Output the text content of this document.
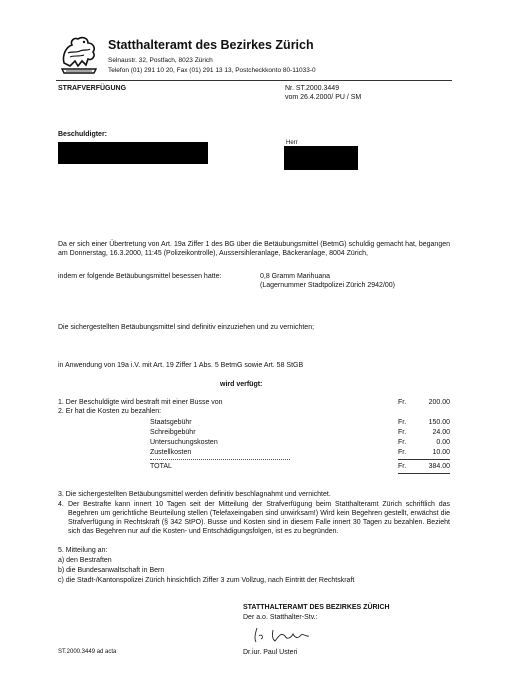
Statthalteramt des Bezirkes Zürich
Selnaustr. 32, Postfach, 8023 Zürich
Telefon (01) 291 10 20, Fax (01) 291 13 13, Postcheckkonto 80-11033-0
STRAFVERFÜGUNG	Nr. ST.2000.3449
vom 26.4.2000/ PU / SM
Beschuldigter:
Herr
Da er sich einer Übertretung von Art. 19a Ziffer 1 des BG über die Betäubungsmittel (BetmG) schuldig gemacht hat, begangen am Donnerstag, 16.3.2000, 11:45 (Polizeikontrolle), Aussersihleranlage, Bäckeranlage, 8004 Zürich,
indem er folgende Betäubungsmittel besessen hatte:	0,8 Gramm Marihuana
(Lagernummer Stadtpolizei Zürich 2942/00)
Die sichergestellten Betäubungsmittel sind definitiv einzuziehen und zu vernichten;
in Anwendung von 19a i.V. mit Art. 19 Ziffer 1 Abs. 5 BetmG sowie Art. 58 StGB
wird verfügt:
1. Der Beschuldigte wird bestraft mit einer Busse von	Fr.	200.00
2. Er hat die Kosten zu bezahlen:
Staatsgebühr	Fr.	150.00
Schreibgebühr	Fr.	24.00
Untersuchungskosten	Fr.	0.00
Zustellkosten	Fr.	10.00
TOTAL	Fr.	384.00
3. Die sichergestellten Betäubungsmittel werden definitiv beschlagnahmt und vernichtet.
4. Der Bestrafte kann innert 10 Tagen seit der Mitteilung der Strafverfügung beim Statthalteramt Zürich schriftlich das Begehren um gerichtliche Beurteilung stellen (Telefaxeingaben sind unwirksam!) Wird kein Begehren gestellt, erwächst die Strafverfügung in Rechtskraft (§ 342 StPO). Busse und Kosten sind in diesem Falle innert 30 Tagen zu bezahlen. Bezieht sich das Begehren nur auf die Kosten- und Entschädigungsfolgen, ist es zu begründen.
5. Mitteilung an:
a) den Bestraften
b) die Bundesanwaltschaft in Bern
c) die Stadt-/Kantonspolizei Zürich hinsichtlich Ziffer 3 zum Vollzug, nach Eintritt der Rechtskraft
STATTHALTERAMT DES BEZIRKES ZÜRICH
Der a.o. Statthalter-Stv.:
Dr.iur. Paul Usteri
ST.2000.3449 ad acta
